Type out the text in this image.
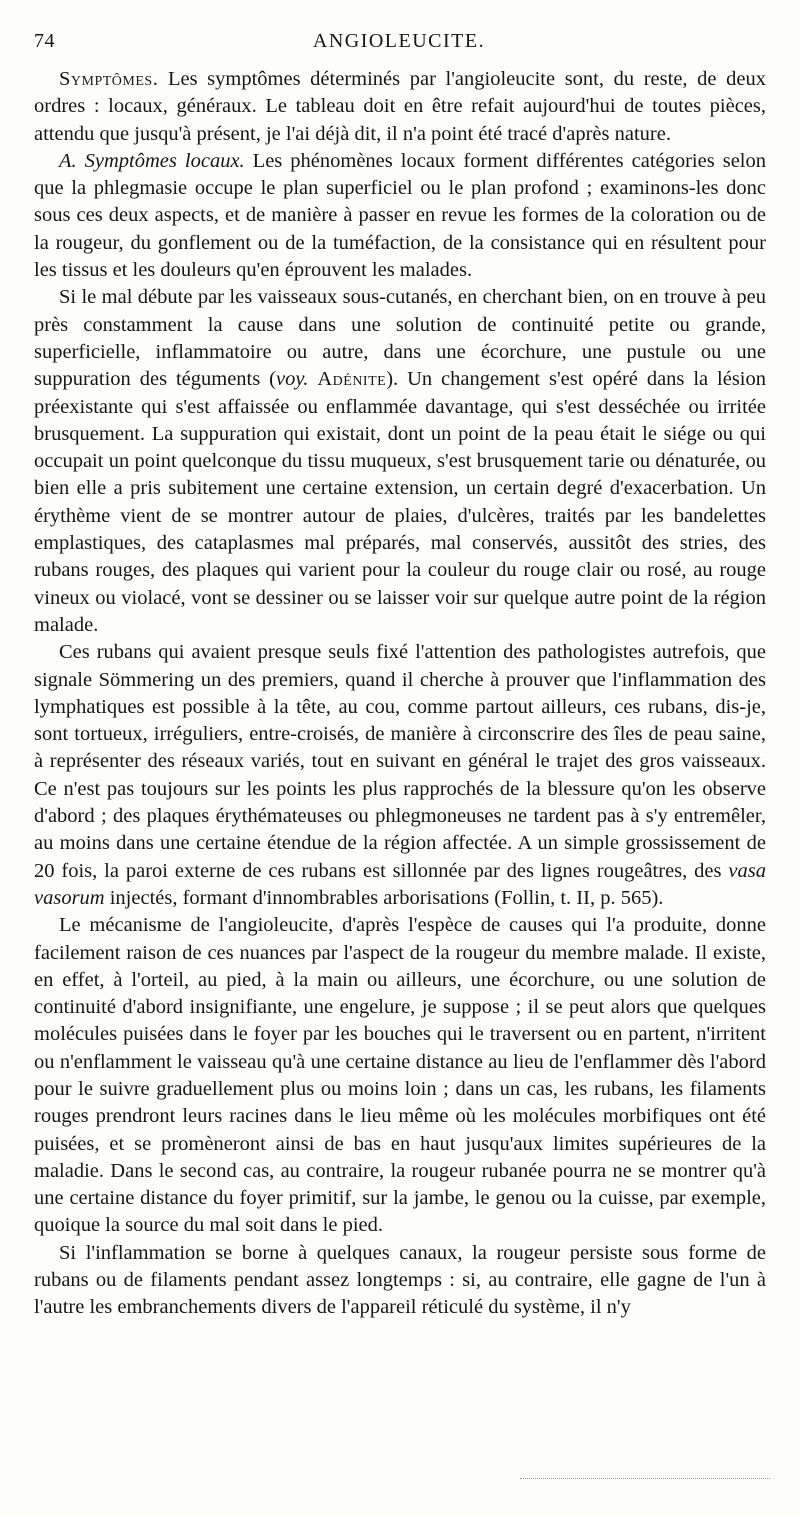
74	ANGIOLEUCITE.

Symptômes. Les symptômes déterminés par l'angioleucite sont, du reste, de deux ordres : locaux, généraux. Le tableau doit en être refait aujourd'hui de toutes pièces, attendu que jusqu'à présent, je l'ai déjà dit, il n'a point été tracé d'après nature.

A. Symptômes locaux. Les phénomènes locaux forment différentes catégories selon que la phlegmasie occupe le plan superficiel ou le plan profond ; examinons-les donc sous ces deux aspects, et de manière à passer en revue les formes de la coloration ou de la rougeur, du gonflement ou de la tuméfaction, de la consistance qui en résultent pour les tissus et les douleurs qu'en éprouvent les malades.

Si le mal débute par les vaisseaux sous-cutanés, en cherchant bien, on en trouve à peu près constamment la cause dans une solution de continuité petite ou grande, superficielle, inflammatoire ou autre, dans une écorchure, une pustule ou une suppuration des téguments (voy. Adénite). Un changement s'est opéré dans la lésion préexistante qui s'est affaissée ou enflammée davantage, qui s'est desséchée ou irritée brusquement. La suppuration qui existait, dont un point de la peau était le siége ou qui occupait un point quelconque du tissu muqueux, s'est brusquement tarie ou dénaturée, ou bien elle a pris subitement une certaine extension, un certain degré d'exacerbation. Un érythème vient de se montrer autour de plaies, d'ulcères, traités par les bandelettes emplastiques, des cataplasmes mal préparés, mal conservés, aussitôt des stries, des rubans rouges, des plaques qui varient pour la couleur du rouge clair ou rosé, au rouge vineux ou violacé, vont se dessiner ou se laisser voir sur quelque autre point de la région malade.

Ces rubans qui avaient presque seuls fixé l'attention des pathologistes autrefois, que signale Sömmering un des premiers, quand il cherche à prouver que l'inflammation des lymphatiques est possible à la tête, au cou, comme partout ailleurs, ces rubans, dis-je, sont tortueux, irréguliers, entre-croisés, de manière à circonscrire des îles de peau saine, à représenter des réseaux variés, tout en suivant en général le trajet des gros vaisseaux. Ce n'est pas toujours sur les points les plus rapprochés de la blessure qu'on les observe d'abord ; des plaques érythémateuses ou phlegmoneuses ne tardent pas à s'y entremêler, au moins dans une certaine étendue de la région affectée. A un simple grossissement de 20 fois, la paroi externe de ces rubans est sillonnée par des lignes rougeâtres, des vasa vasorum injectés, formant d'innombrables arborisations (Follin, t. II, p. 565).

Le mécanisme de l'angioleucite, d'après l'espèce de causes qui l'a produite, donne facilement raison de ces nuances par l'aspect de la rougeur du membre malade. Il existe, en effet, à l'orteil, au pied, à la main ou ailleurs, une écorchure, ou une solution de continuité d'abord insignifiante, une engelure, je suppose ; il se peut alors que quelques molécules puisées dans le foyer par les bouches qui le traversent ou en partent, n'irritent ou n'enflamment le vaisseau qu'à une certaine distance au lieu de l'enflammer dès l'abord pour le suivre graduellement plus ou moins loin ; dans un cas, les rubans, les filaments rouges prendront leurs racines dans le lieu même où les molécules morbifiques ont été puisées, et se promèneront ainsi de bas en haut jusqu'aux limites supérieures de la maladie. Dans le second cas, au contraire, la rougeur rubanée pourra ne se montrer qu'à une certaine distance du foyer primitif, sur la jambe, le genou ou la cuisse, par exemple, quoique la source du mal soit dans le pied.

Si l'inflammation se borne à quelques canaux, la rougeur persiste sous forme de rubans ou de filaments pendant assez longtemps : si, au contraire, elle gagne de l'un à l'autre les embranchements divers de l'appareil réticulé du système, il n'y
